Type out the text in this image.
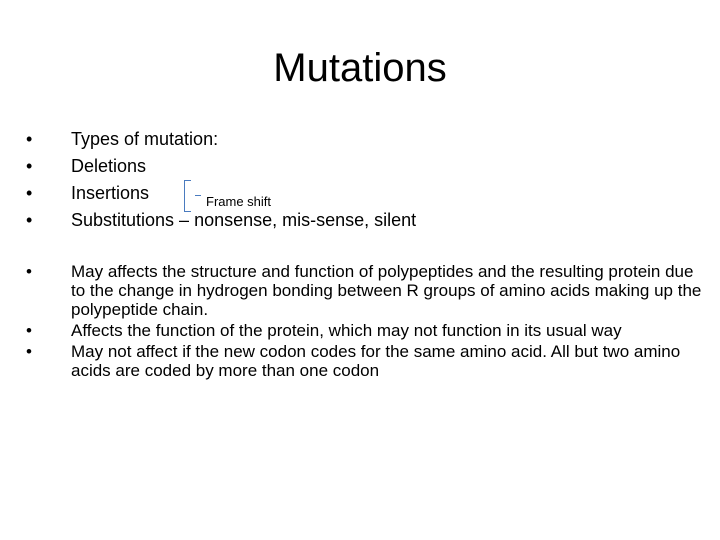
Mutations
•	Types of mutation:
•	Deletions
•	Insertions
•	Substitutions – nonsense, mis-sense, silent
Frame shift
•	May affects the structure and function of polypeptides and the resulting protein due to the change in hydrogen bonding between R groups of amino acids making up the polypeptide chain.
•	Affects the function of the protein, which may not function in its usual way
•	May not affect if the new codon codes for the same amino acid. All but two amino acids are coded by more than one codon
